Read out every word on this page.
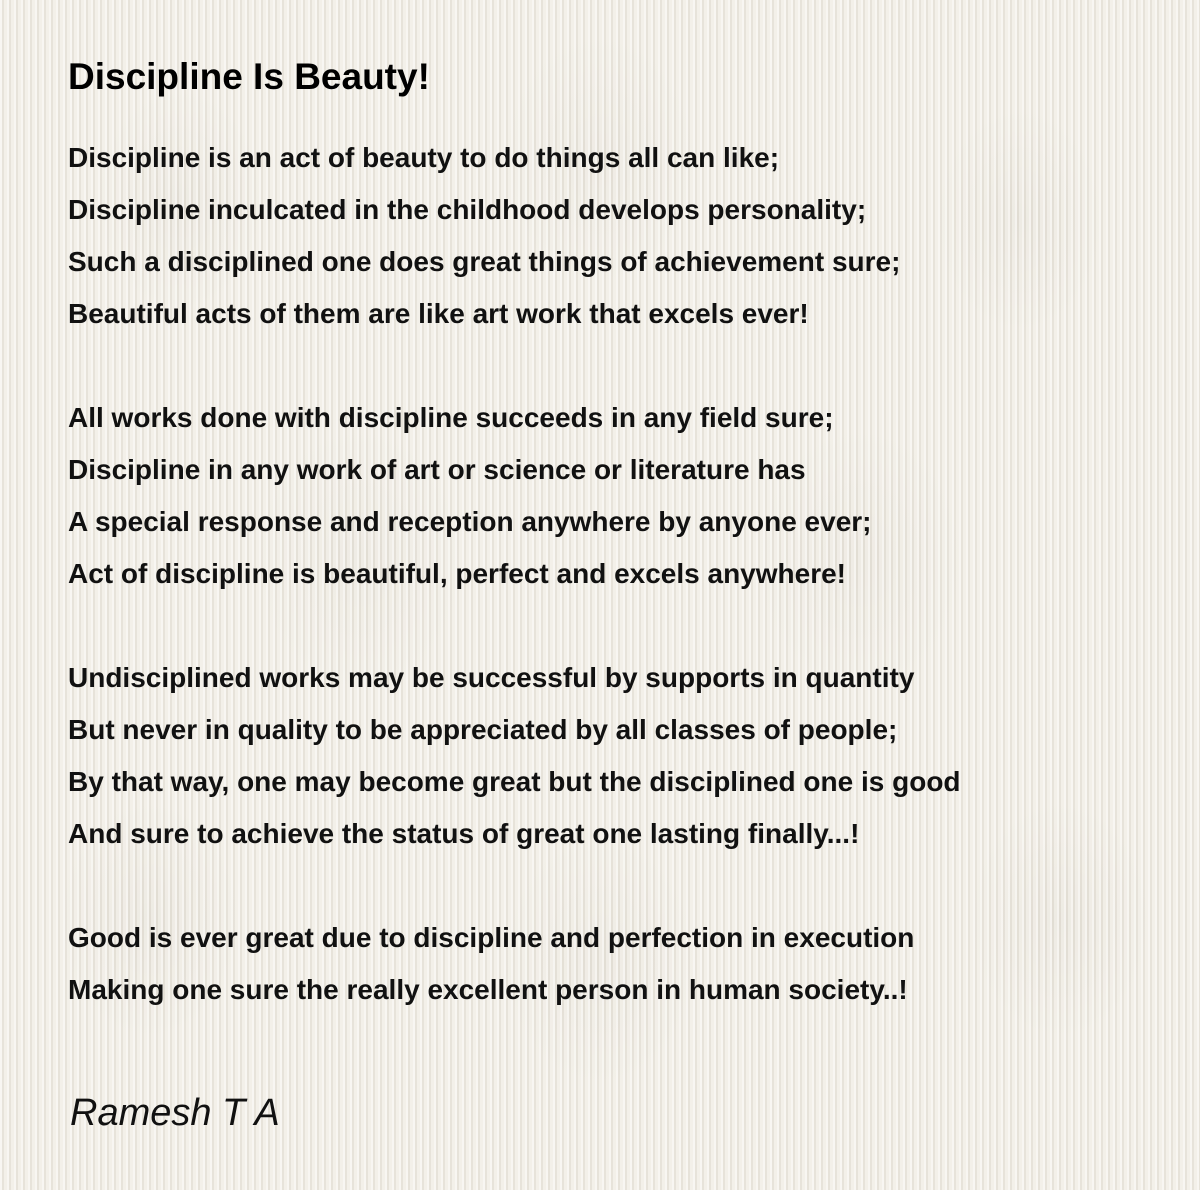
Discipline Is Beauty!
Discipline is an act of beauty to do things all can like;
Discipline inculcated in the childhood develops personality;
Such a disciplined one does great things of achievement sure;
Beautiful acts of them are like art work that excels ever!
All works done with discipline succeeds in any field sure;
Discipline in any work of art or science or literature has
A special response and reception anywhere by anyone ever;
Act of discipline is beautiful, perfect and excels anywhere!
Undisciplined works may be successful by supports in quantity
But never in quality to be appreciated by all classes of people;
By that way, one may become great but the disciplined one is good
And sure to achieve the status of great one lasting finally...!
Good is ever great due to discipline and perfection in execution
Making one sure the really excellent person in human society..!
Ramesh T A
